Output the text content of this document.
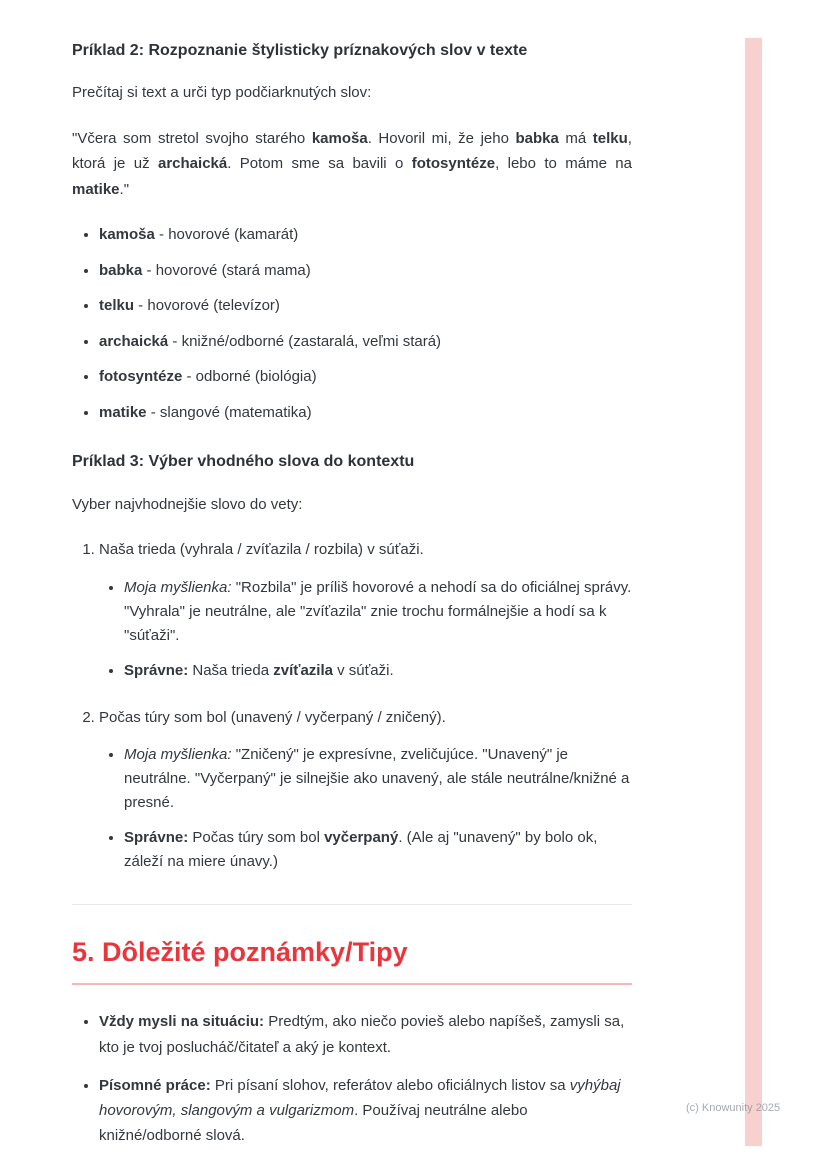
Príklad 2: Rozpoznanie štylisticky príznakových slov v texte

Prečítaj si text a urči typ podčiarknutých slov:

"Včera som stretol svojho starého kamoša. Hovoril mi, že jeho babka má telku, ktorá je už archaická. Potom sme sa bavili o fotosyntéze, lebo to máme na matike."

• kamoša - hovorové (kamarát)
• babka - hovorové (stará mama)
• telku - hovorové (televízor)
• archaická - knižné/odborné (zastaralá, veľmi stará)
• fotosyntéze - odborné (biológia)
• matike - slangové (matematika)
Príklad 3: Výber vhodného slova do kontextu

Vyber najvhodnejšie slovo do vety:

1. Naša trieda (vyhrala / zvíťazila / rozbila) v súťaži.
• Moja myšlienka: "Rozbila" je príliš hovorové a nehodí sa do oficiálnej správy. "Vyhrala" je neutrálne, ale "zvíťazila" znie trochu formálnejšie a hodí sa k "súťaži".
• Správne: Naša trieda zvíťazila v súťaži.
2. Počas túry som bol (unavený / vyčerpaný / zničený).
• Moja myšlienka: "Zničený" je expresívne, zveličujúce. "Unavený" je neutrálne. "Vyčerpaný" je silnejšie ako unavený, ale stále neutrálne/knižné a presné.
• Správne: Počas túry som bol vyčerpaný. (Ale aj "unavený" by bolo ok, záleží na miere únavy.)
5. Dôležité poznámky/Tipy
• Vždy mysli na situáciu: Predtým, ako niečo povieš alebo napíšeš, zamysli sa, kto je tvoj poslucháč/čitateľ a aký je kontext.
• Písomné práce: Pri písaní slohov, referátov alebo oficiálnych listov sa vyhýbaj hovorovým, slangovým a vulgarizmom. Používaj neutrálne alebo knižné/odborné slová.
(c) Knowunity 2025
